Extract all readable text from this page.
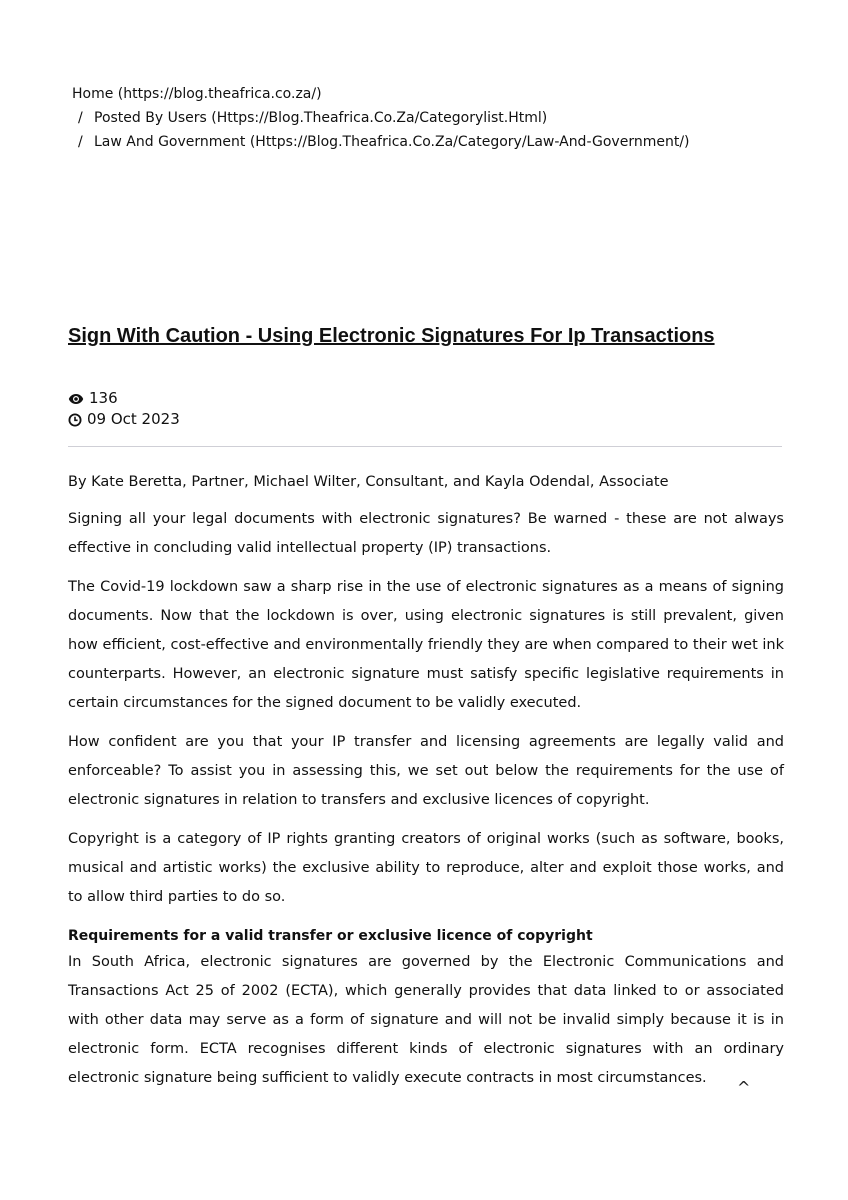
Home (https://blog.theafrica.co.za/)
/ Posted By Users (Https://Blog.Theafrica.Co.Za/Categorylist.Html)
/ Law And Government (Https://Blog.Theafrica.Co.Za/Category/Law-And-Government/)
Sign With Caution - Using Electronic Signatures For Ip Transactions
136
09 Oct 2023

By Kate Beretta, Partner, Michael Wilter, Consultant, and Kayla Odendal, Associate

Signing all your legal documents with electronic signatures? Be warned - these are not always effective in concluding valid intellectual property (IP) transactions.

The Covid-19 lockdown saw a sharp rise in the use of electronic signatures as a means of signing documents. Now that the lockdown is over, using electronic signatures is still prevalent, given how efficient, cost-effective and environmentally friendly they are when compared to their wet ink counterparts. However, an electronic signature must satisfy specific legislative requirements in certain circumstances for the signed document to be validly executed.

How confident are you that your IP transfer and licensing agreements are legally valid and enforceable? To assist you in assessing this, we set out below the requirements for the use of electronic signatures in relation to transfers and exclusive licences of copyright.

Copyright is a category of IP rights granting creators of original works (such as software, books, musical and artistic works) the exclusive ability to reproduce, alter and exploit those works, and to allow third parties to do so.

Requirements for a valid transfer or exclusive licence of copyright

In South Africa, electronic signatures are governed by the Electronic Communications and Transactions Act 25 of 2002 (ECTA), which generally provides that data linked to or associated with other data may serve as a form of signature and will not be invalid simply because it is in electronic form. ECTA recognises different kinds of electronic signatures with an ordinary electronic signature being sufficient to validly execute contracts in most circumstances.	^
